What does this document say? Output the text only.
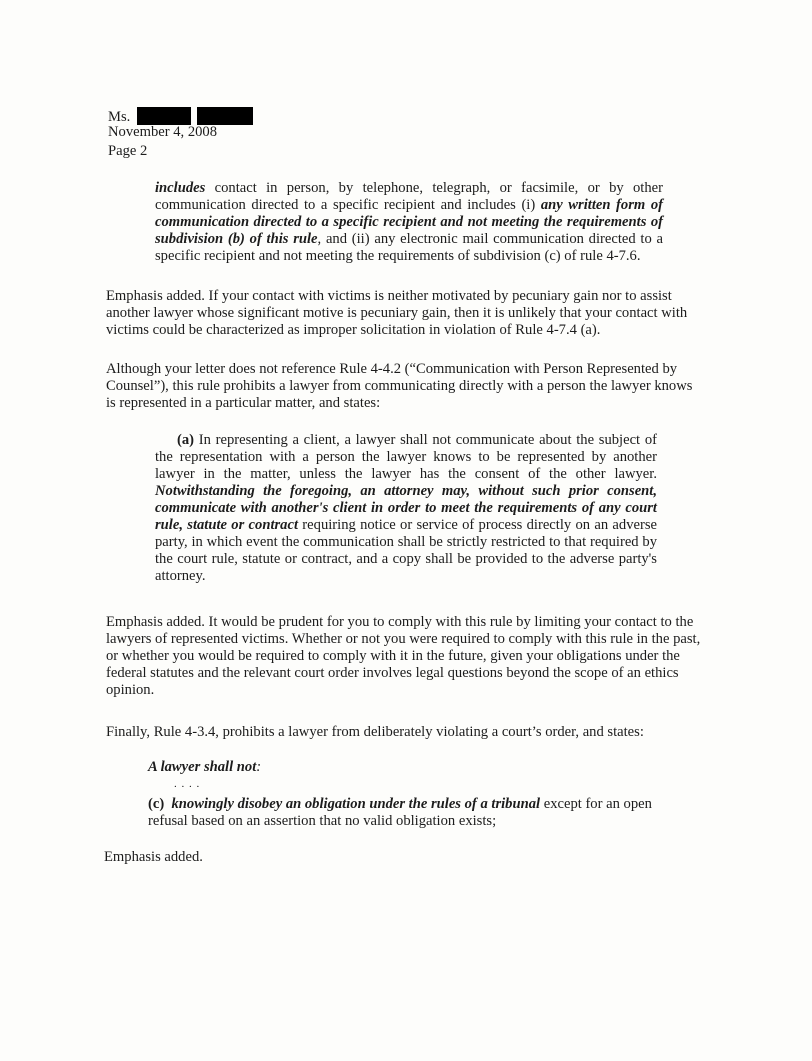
Ms.
November 4, 2008
Page 2

includes contact in person, by telephone, telegraph, or facsimile, or by other communication directed to a specific recipient and includes (i) any written form of communication directed to a specific recipient and not meeting the requirements of subdivision (b) of this rule, and (ii) any electronic mail communication directed to a specific recipient and not meeting the requirements of subdivision (c) of rule 4-7.6.

Emphasis added. If your contact with victims is neither motivated by pecuniary gain nor to assist another lawyer whose significant motive is pecuniary gain, then it is unlikely that your contact with victims could be characterized as improper solicitation in violation of Rule 4-7.4 (a).

Although your letter does not reference Rule 4-4.2 (“Communication with Person Represented by Counsel”), this rule prohibits a lawyer from communicating directly with a person the lawyer knows is represented in a particular matter, and states:

(a) In representing a client, a lawyer shall not communicate about the subject of the representation with a person the lawyer knows to be represented by another lawyer in the matter, unless the lawyer has the consent of the other lawyer. Notwithstanding the foregoing, an attorney may, without such prior consent, communicate with another's client in order to meet the requirements of any court rule, statute or contract requiring notice or service of process directly on an adverse party, in which event the communication shall be strictly restricted to that required by the court rule, statute or contract, and a copy shall be provided to the adverse party's attorney.

Emphasis added. It would be prudent for you to comply with this rule by limiting your contact to the lawyers of represented victims. Whether or not you were required to comply with this rule in the past, or whether you would be required to comply with it in the future, given your obligations under the federal statutes and the relevant court order involves legal questions beyond the scope of an ethics opinion.

Finally, Rule 4-3.4, prohibits a lawyer from deliberately violating a court’s order, and states:

A lawyer shall not:
. . . .

(c) knowingly disobey an obligation under the rules of a tribunal except for an open refusal based on an assertion that no valid obligation exists;

Emphasis added.
